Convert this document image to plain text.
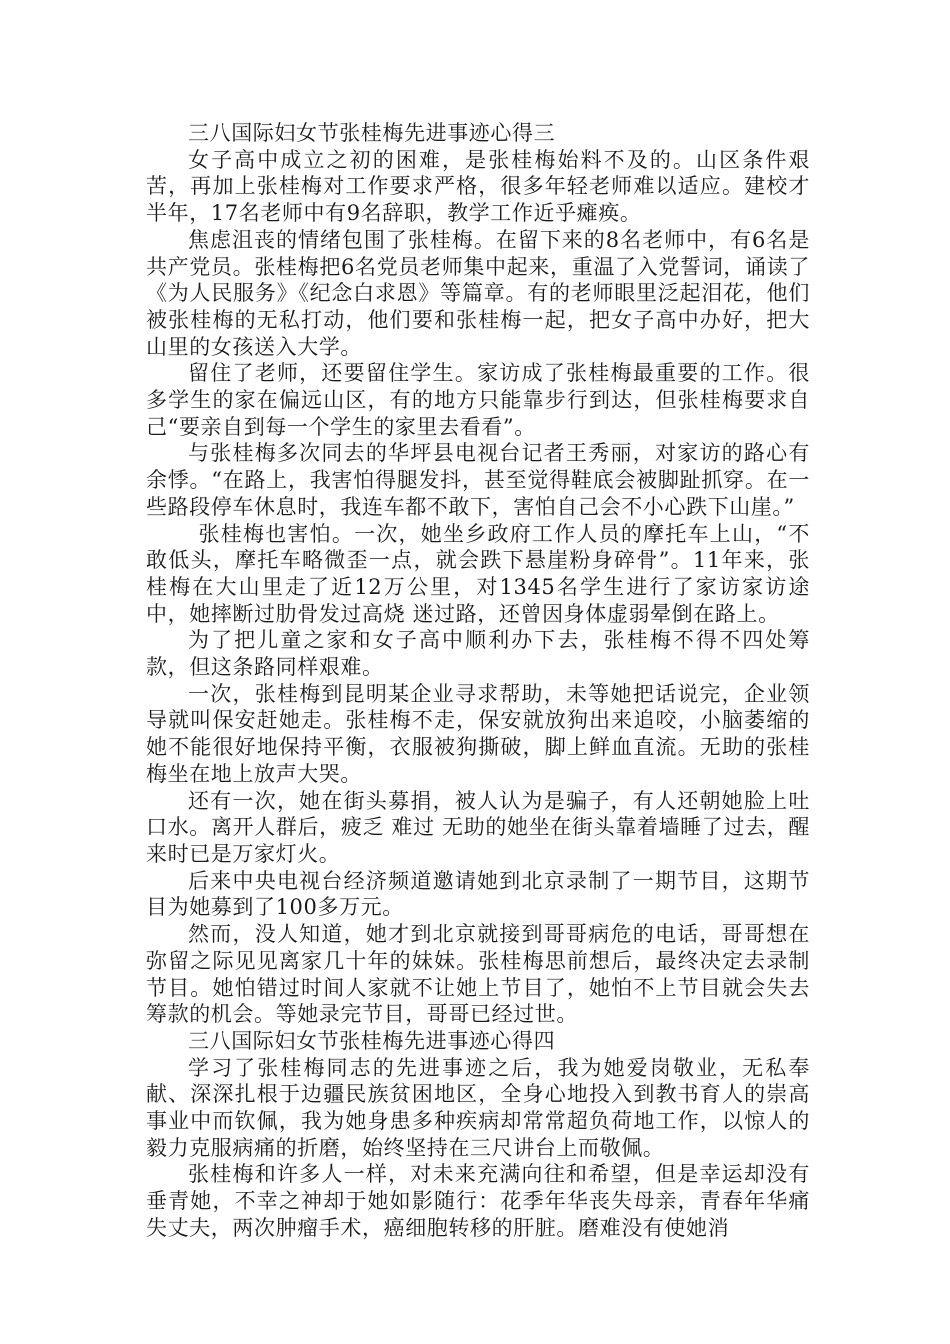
三八国际妇女节张桂梅先进事迹心得三

女子高中成立之初的困难，是张桂梅始料不及的。山区条件艰苦，再加上张桂梅对工作要求严格，很多年轻老师难以适应。建校才半年，17名老师中有9名辞职，教学工作近乎瘫痪。

焦虑沮丧的情绪包围了张桂梅。在留下来的8名老师中，有6名是共产党员。张桂梅把6名党员老师集中起来，重温了入党誓词，诵读了《为人民服务》《纪念白求恩》等篇章。有的老师眼里泛起泪花，他们被张桂梅的无私打动，他们要和张桂梅一起，把女子高中办好，把大山里的女孩送入大学。

留住了老师，还要留住学生。家访成了张桂梅最重要的工作。很多学生的家在偏远山区，有的地方只能靠步行到达，但张桂梅要求自己“要亲自到每一个学生的家里去看看”。

与张桂梅多次同去的华坪县电视台记者王秀丽，对家访的路心有余悸。“在路上，我害怕得腿发抖，甚至觉得鞋底会被脚趾抓穿。在一些路段停车休息时，我连车都不敢下，害怕自己会不小心跌下山崖。”

张桂梅也害怕。一次，她坐乡政府工作人员的摩托车上山，“不敢低头，摩托车略微歪一点，就会跌下悬崖粉身碎骨”。11年来，张桂梅在大山里走了近12万公里，对1345名学生进行了家访家访途中，她摔断过肋骨发过高烧 迷过路，还曾因身体虚弱晕倒在路上。

为了把儿童之家和女子高中顺利办下去，张桂梅不得不四处筹款，但这条路同样艰难。

一次，张桂梅到昆明某企业寻求帮助，未等她把话说完，企业领导就叫保安赶她走。张桂梅不走，保安就放狗出来追咬，小脑萎缩的她不能很好地保持平衡，衣服被狗撕破，脚上鲜血直流。无助的张桂梅坐在地上放声大哭。

还有一次，她在街头募捐，被人认为是骗子，有人还朝她脸上吐口水。离开人群后，疲乏 难过 无助的她坐在街头靠着墙睡了过去，醒来时已是万家灯火。

后来中央电视台经济频道邀请她到北京录制了一期节目，这期节目为她募到了100多万元。

然而，没人知道，她才到北京就接到哥哥病危的电话，哥哥想在弥留之际见见离家几十年的妹妹。张桂梅思前想后，最终决定去录制节目。她怕错过时间人家就不让她上节目了，她怕不上节目就会失去筹款的机会。等她录完节目，哥哥已经过世。

三八国际妇女节张桂梅先进事迹心得四

学习了张桂梅同志的先进事迹之后，我为她爱岗敬业，无私奉献、深深扎根于边疆民族贫困地区，全身心地投入到教书育人的崇高事业中而钦佩，我为她身患多种疾病却常常超负荷地工作，以惊人的毅力克服病痛的折磨，始终坚持在三尺讲台上而敬佩。

张桂梅和许多人一样，对未来充满向往和希望，但是幸运却没有垂青她，不幸之神却于她如影随行：花季年华丧失母亲，青春年华痛失丈夫，两次肿瘤手术，癌细胞转移的肝脏。磨难没有使她消
